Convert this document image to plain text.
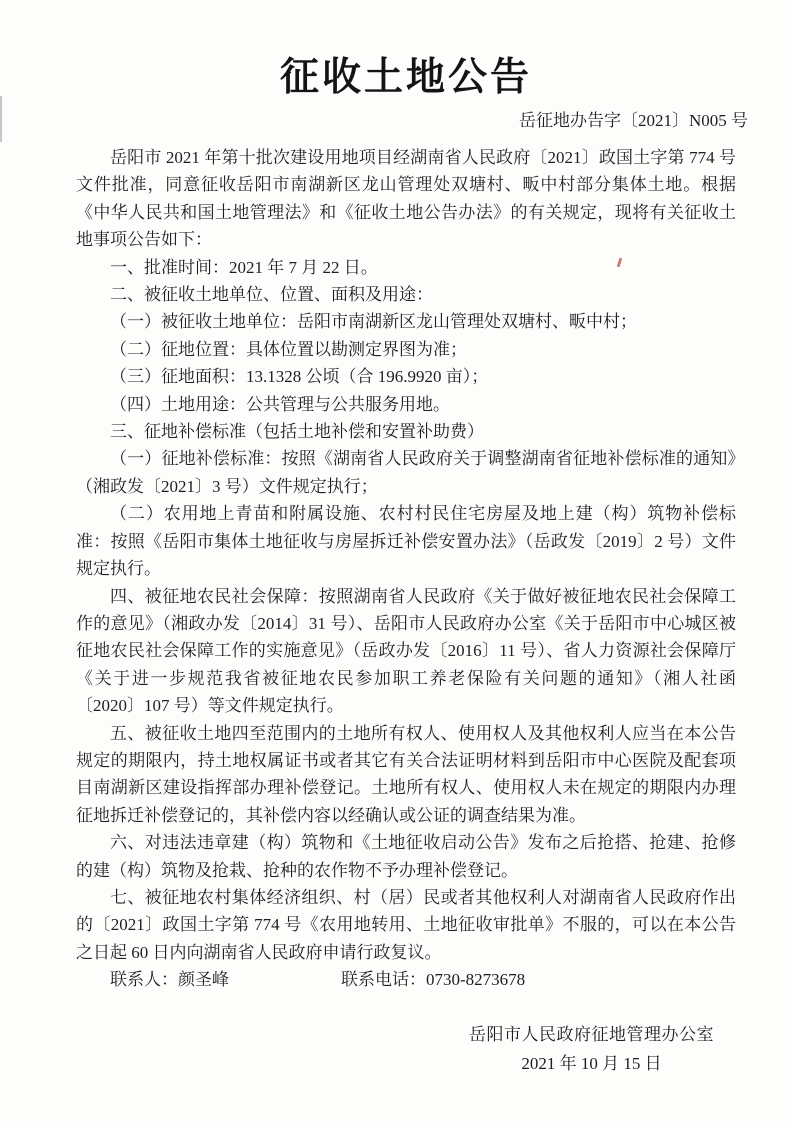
征收土地公告
岳征地办告字〔2021〕N005 号
岳阳市 2021 年第十批次建设用地项目经湖南省人民政府〔2021〕政国土字第 774 号文件批准，同意征收岳阳市南湖新区龙山管理处双塘村、畈中村部分集体土地。根据《中华人民共和国土地管理法》和《征收土地公告办法》的有关规定，现将有关征收土地事项公告如下：
一、批准时间：2021 年 7 月 22 日。
二、被征收土地单位、位置、面积及用途：
（一）被征收土地单位：岳阳市南湖新区龙山管理处双塘村、畈中村；
（二）征地位置：具体位置以勘测定界图为准；
（三）征地面积：13.1328 公顷（合 196.9920 亩）；
（四）土地用途：公共管理与公共服务用地。
三、征地补偿标准（包括土地补偿和安置补助费）
（一）征地补偿标准：按照《湖南省人民政府关于调整湖南省征地补偿标准的通知》（湘政发〔2021〕3 号）文件规定执行；
（二）农用地上青苗和附属设施、农村村民住宅房屋及地上建（构）筑物补偿标准：按照《岳阳市集体土地征收与房屋拆迁补偿安置办法》（岳政发〔2019〕2 号）文件规定执行。
四、被征地农民社会保障：按照湖南省人民政府《关于做好被征地农民社会保障工作的意见》（湘政办发〔2014〕31 号）、岳阳市人民政府办公室《关于岳阳市中心城区被征地农民社会保障工作的实施意见》（岳政办发〔2016〕11 号）、省人力资源社会保障厅《关于进一步规范我省被征地农民参加职工养老保险有关问题的通知》（湘人社函〔2020〕107 号）等文件规定执行。
五、被征收土地四至范围内的土地所有权人、使用权人及其他权利人应当在本公告规定的期限内，持土地权属证书或者其它有关合法证明材料到岳阳市中心医院及配套项目南湖新区建设指挥部办理补偿登记。土地所有权人、使用权人未在规定的期限内办理征地拆迁补偿登记的，其补偿内容以经确认或公证的调查结果为准。
六、对违法违章建（构）筑物和《土地征收启动公告》发布之后抢搭、抢建、抢修的建（构）筑物及抢栽、抢种的农作物不予办理补偿登记。
七、被征地农村集体经济组织、村（居）民或者其他权利人对湖南省人民政府作出的〔2021〕政国土字第 774 号《农用地转用、土地征收审批单》不服的，可以在本公告之日起 60 日内向湖南省人民政府申请行政复议。
联系人：颜圣峰	联系电话：0730-8273678
岳阳市人民政府征地管理办公室
2021 年 10 月 15 日
